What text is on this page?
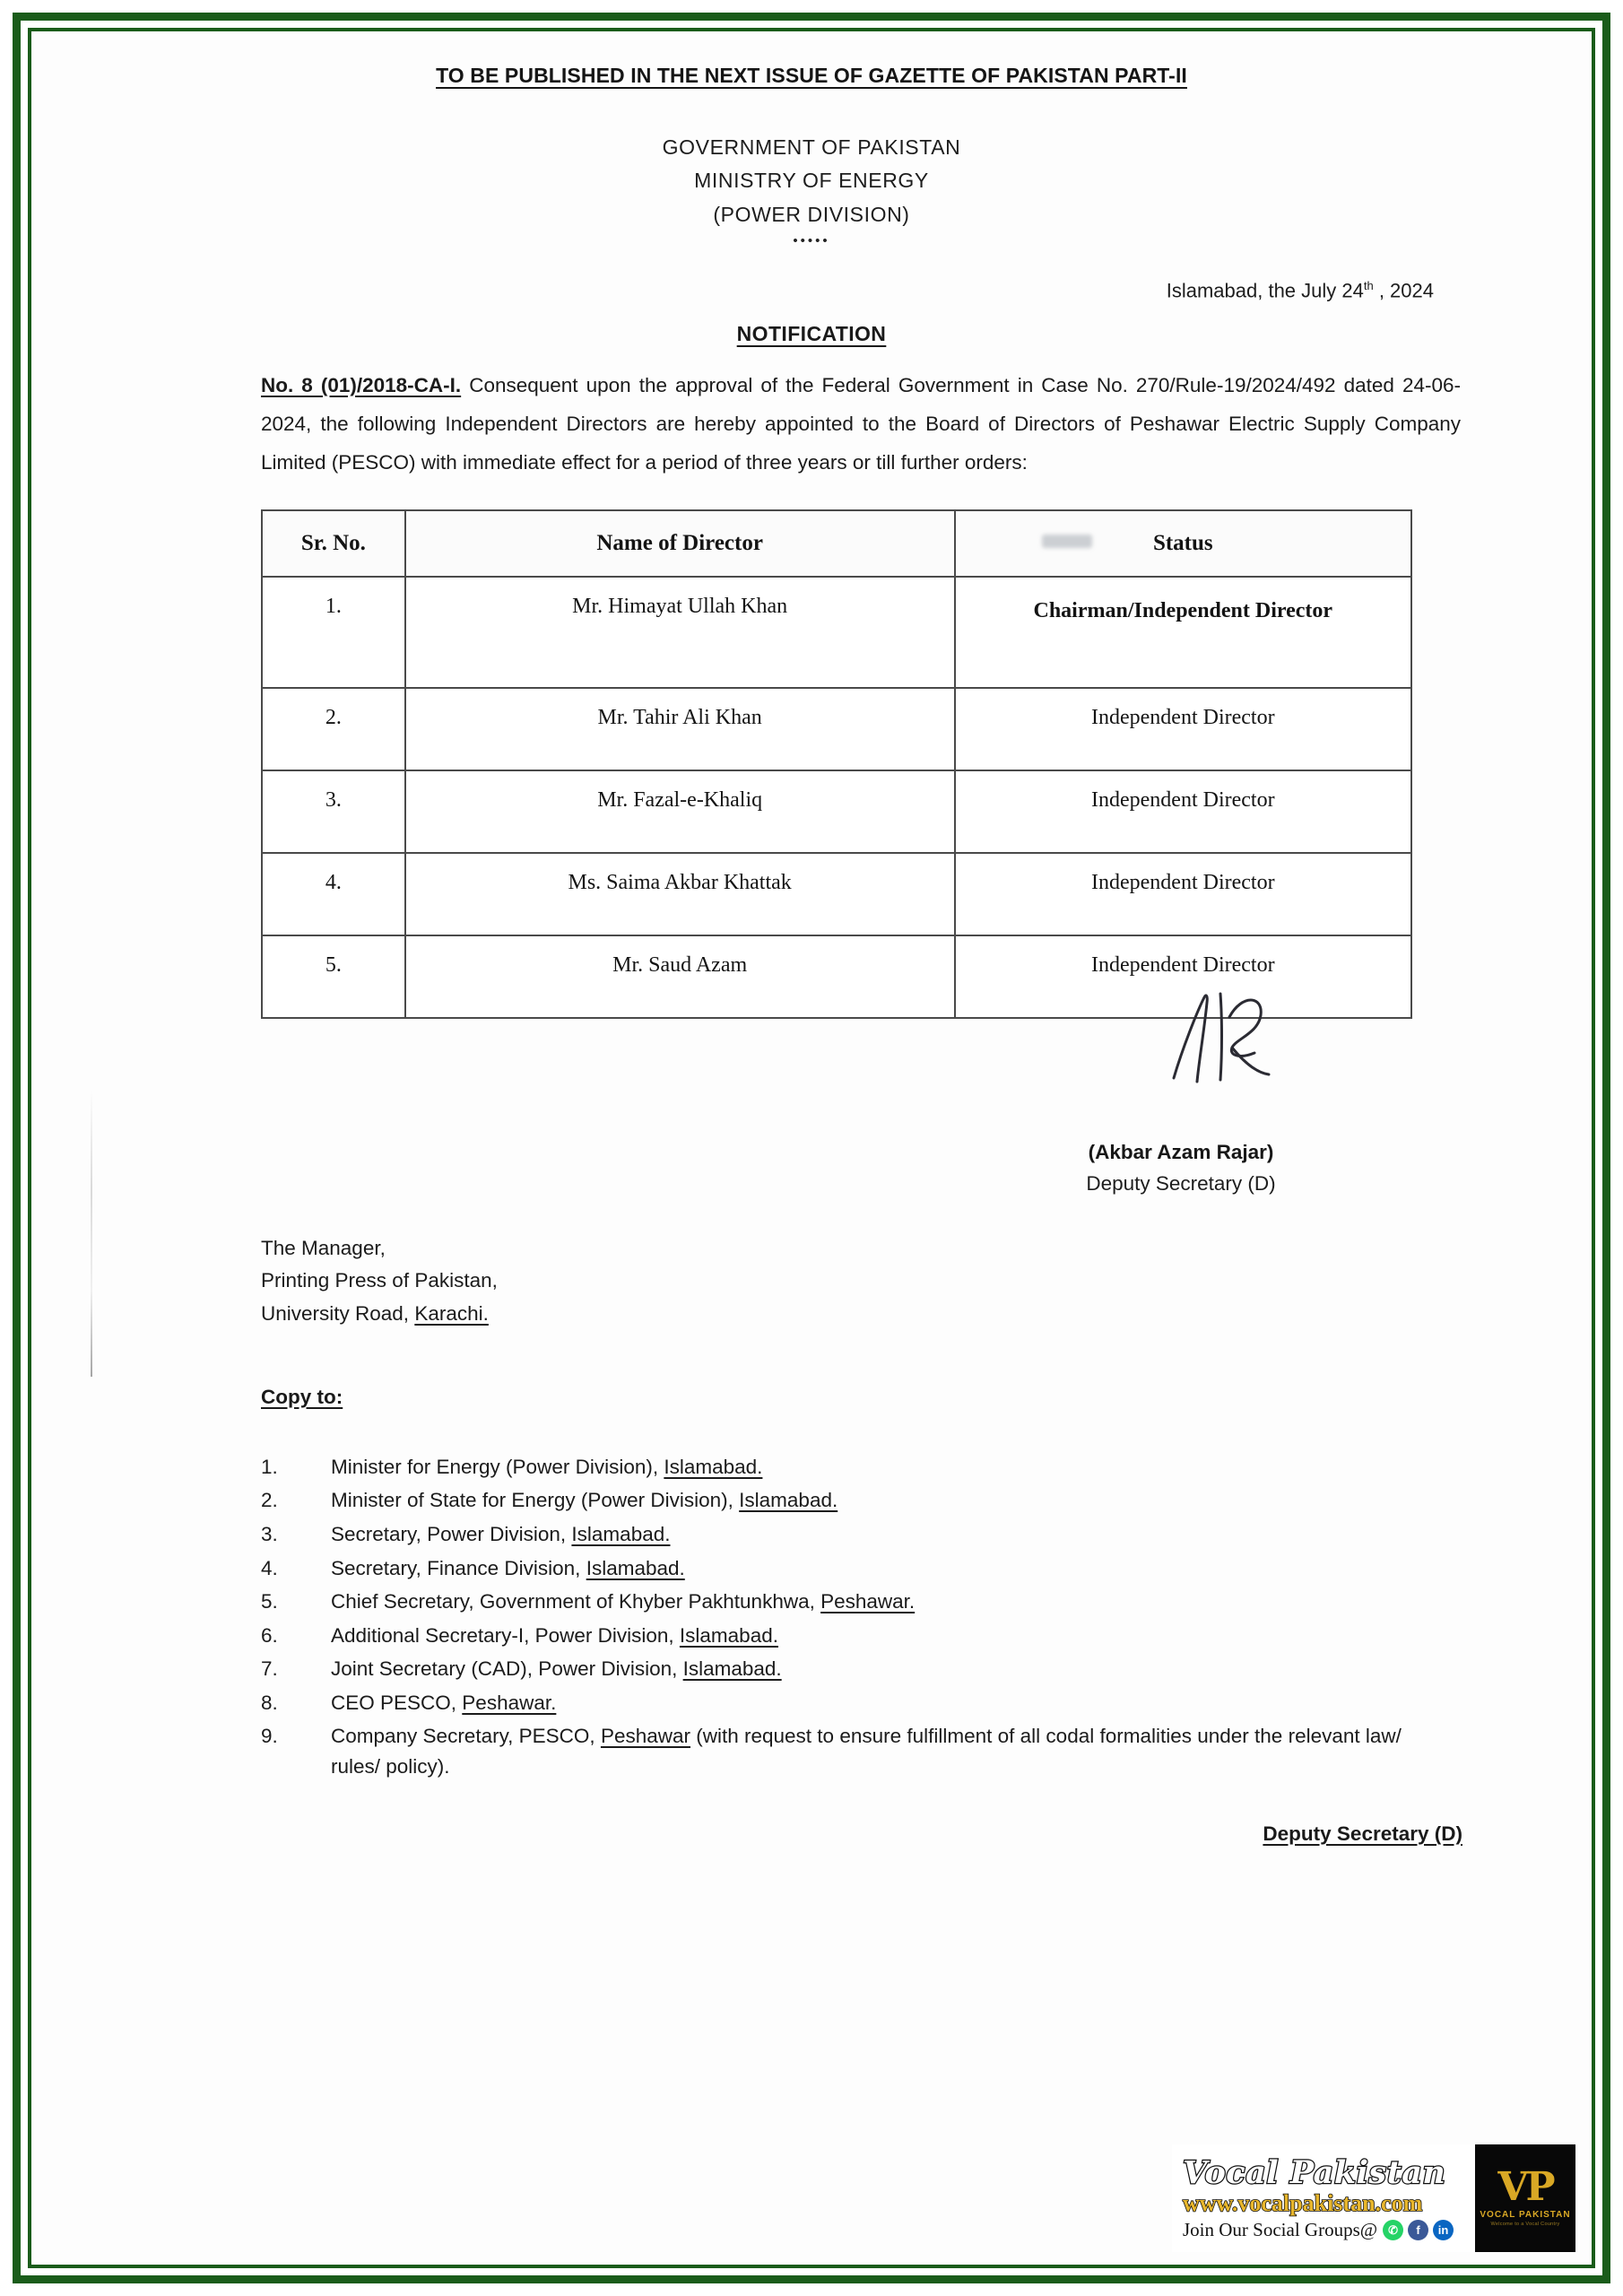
TO BE PUBLISHED IN THE NEXT ISSUE OF GAZETTE OF PAKISTAN PART-II
GOVERNMENT OF PAKISTAN
MINISTRY OF ENERGY
(POWER DIVISION)
•••••
Islamabad, the July 24th , 2024
NOTIFICATION
No. 8 (01)/2018-CA-I. Consequent upon the approval of the Federal Government in Case No. 270/Rule-19/2024/492 dated 24-06-2024, the following Independent Directors are hereby appointed to the Board of Directors of Peshawar Electric Supply Company Limited (PESCO) with immediate effect for a period of three years or till further orders:
Sr. No.	Name of Director	Status
1.	Mr. Himayat Ullah Khan	Chairman/Independent Director
2.	Mr. Tahir Ali Khan	Independent Director
3.	Mr. Fazal-e-Khaliq	Independent Director
4.	Ms. Saima Akbar Khattak	Independent Director
5.	Mr. Saud Azam	Independent Director
(Akbar Azam Rajar)
Deputy Secretary (D)
The Manager,
Printing Press of Pakistan,
University Road, Karachi.
Copy to:
1.	Minister for Energy (Power Division), Islamabad.
2.	Minister of State for Energy (Power Division), Islamabad.
3.	Secretary, Power Division, Islamabad.
4.	Secretary, Finance Division, Islamabad.
5.	Chief Secretary, Government of Khyber Pakhtunkhwa, Peshawar.
6.	Additional Secretary-I, Power Division, Islamabad.
7.	Joint Secretary (CAD), Power Division, Islamabad.
8.	CEO PESCO, Peshawar.
9.	Company Secretary, PESCO, Peshawar (with request to ensure fulfillment of all codal formalities under the relevant law/ rules/ policy).
Deputy Secretary (D)
Vocal Pakistan
www.vocalpakistan.com
Join Our Social Groups@ ✆	f	in
VP
VOCAL PAKISTAN
Welcome to a Vocal Country
